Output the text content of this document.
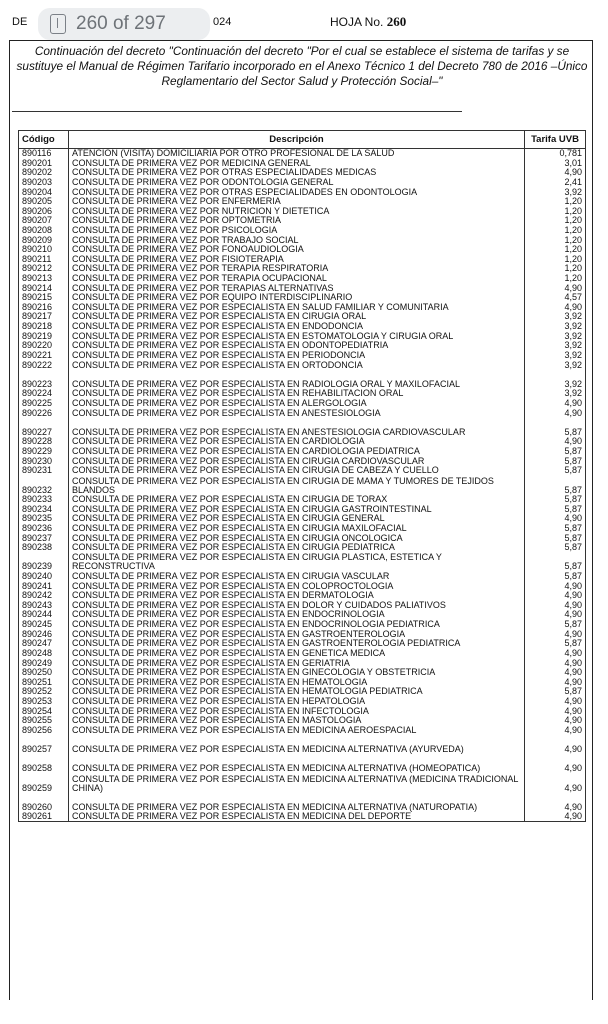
DE	260 of 297	024	HOJA No. 260
Continuación del decreto "Continuación del decreto "Por el cual se establece el sistema de tarifas y se sustituye el Manual de Régimen Tarifario incorporado en el Anexo Técnico 1 del Decreto 780 de 2016 –Único Reglamentario del Sector Salud y Protección Social–"
Código	Descripción	Tarifa UVB
890116	ATENCION (VISITA) DOMICILIARIA POR OTRO PROFESIONAL DE LA SALUD	0,781
890201	CONSULTA DE PRIMERA VEZ POR MEDICINA GENERAL	3,01
890202	CONSULTA DE PRIMERA VEZ POR OTRAS ESPECIALIDADES MEDICAS	4,90
890203	CONSULTA DE PRIMERA VEZ POR ODONTOLOGIA GENERAL	2,41
890204	CONSULTA DE PRIMERA VEZ POR OTRAS ESPECIALIDADES EN ODONTOLOGIA	3,92
890205	CONSULTA DE PRIMERA VEZ POR ENFERMERIA	1,20
890206	CONSULTA DE PRIMERA VEZ POR NUTRICION Y DIETETICA	1,20
890207	CONSULTA DE PRIMERA VEZ POR OPTOMETRIA	1,20
890208	CONSULTA DE PRIMERA VEZ POR PSICOLOGIA	1,20
890209	CONSULTA DE PRIMERA VEZ POR TRABAJO SOCIAL	1,20
890210	CONSULTA DE PRIMERA VEZ POR FONOAUDIOLOGIA	1,20
890211	CONSULTA DE PRIMERA VEZ POR FISIOTERAPIA	1,20
890212	CONSULTA DE PRIMERA VEZ POR TERAPIA RESPIRATORIA	1,20
890213	CONSULTA DE PRIMERA VEZ POR TERAPIA OCUPACIONAL	1,20
890214	CONSULTA DE PRIMERA VEZ POR TERAPIAS ALTERNATIVAS	4,90
890215	CONSULTA DE PRIMERA VEZ POR EQUIPO INTERDISCIPLINARIO	4,57
890216	CONSULTA DE PRIMERA VEZ POR ESPECIALISTA EN SALUD FAMILIAR Y COMUNITARIA	4,90
890217	CONSULTA DE PRIMERA VEZ POR ESPECIALISTA EN CIRUGIA ORAL	3,92
890218	CONSULTA DE PRIMERA VEZ POR ESPECIALISTA EN ENDODONCIA	3,92
890219	CONSULTA DE PRIMERA VEZ POR ESPECIALISTA EN ESTOMATOLOGIA Y CIRUGIA ORAL	3,92
890220	CONSULTA DE PRIMERA VEZ POR ESPECIALISTA EN ODONTOPEDIATRIA	3,92
890221	CONSULTA DE PRIMERA VEZ POR ESPECIALISTA EN PERIODONCIA	3,92
890222	CONSULTA DE PRIMERA VEZ POR ESPECIALISTA EN ORTODONCIA	3,92
890223	CONSULTA DE PRIMERA VEZ POR ESPECIALISTA EN RADIOLOGIA ORAL Y MAXILOFACIAL	3,92
890224	CONSULTA DE PRIMERA VEZ POR ESPECIALISTA EN REHABILITACION ORAL	3,92
890225	CONSULTA DE PRIMERA VEZ POR ESPECIALISTA EN ALERGOLOGIA	4,90
890226	CONSULTA DE PRIMERA VEZ POR ESPECIALISTA EN ANESTESIOLOGIA	4,90
890227	CONSULTA DE PRIMERA VEZ POR ESPECIALISTA EN ANESTESIOLOGIA CARDIOVASCULAR	5,87
890228	CONSULTA DE PRIMERA VEZ POR ESPECIALISTA EN CARDIOLOGIA	4,90
890229	CONSULTA DE PRIMERA VEZ POR ESPECIALISTA EN CARDIOLOGIA PEDIATRICA	5,87
890230	CONSULTA DE PRIMERA VEZ POR ESPECIALISTA EN CIRUGIA CARDIOVASCULAR	5,87
890231	CONSULTA DE PRIMERA VEZ POR ESPECIALISTA EN CIRUGIA DE CABEZA Y CUELLO	5,87
890232	CONSULTA DE PRIMERA VEZ POR ESPECIALISTA EN CIRUGIA DE MAMA Y TUMORES DE TEJIDOS BLANDOS	5,87
890233	CONSULTA DE PRIMERA VEZ POR ESPECIALISTA EN CIRUGIA DE TORAX	5,87
890234	CONSULTA DE PRIMERA VEZ POR ESPECIALISTA EN CIRUGIA GASTROINTESTINAL	5,87
890235	CONSULTA DE PRIMERA VEZ POR ESPECIALISTA EN CIRUGIA GENERAL	4,90
890236	CONSULTA DE PRIMERA VEZ POR ESPECIALISTA EN CIRUGIA MAXILOFACIAL	5,87
890237	CONSULTA DE PRIMERA VEZ POR ESPECIALISTA EN CIRUGIA ONCOLOGICA	5,87
890238	CONSULTA DE PRIMERA VEZ POR ESPECIALISTA EN CIRUGIA PEDIATRICA	5,87
890239	CONSULTA DE PRIMERA VEZ POR ESPECIALISTA EN CIRUGIA PLASTICA, ESTETICA Y RECONSTRUCTIVA	5,87
890240	CONSULTA DE PRIMERA VEZ POR ESPECIALISTA EN CIRUGIA VASCULAR	5,87
890241	CONSULTA DE PRIMERA VEZ POR ESPECIALISTA EN COLOPROCTOLOGIA	4,90
890242	CONSULTA DE PRIMERA VEZ POR ESPECIALISTA EN DERMATOLOGIA	4,90
890243	CONSULTA DE PRIMERA VEZ POR ESPECIALISTA EN DOLOR Y CUIDADOS PALIATIVOS	4,90
890244	CONSULTA DE PRIMERA VEZ POR ESPECIALISTA EN ENDOCRINOLOGIA	4,90
890245	CONSULTA DE PRIMERA VEZ POR ESPECIALISTA EN ENDOCRINOLOGIA PEDIATRICA	5,87
890246	CONSULTA DE PRIMERA VEZ POR ESPECIALISTA EN GASTROENTEROLOGIA	4,90
890247	CONSULTA DE PRIMERA VEZ POR ESPECIALISTA EN GASTROENTEROLOGIA PEDIATRICA	5,87
890248	CONSULTA DE PRIMERA VEZ POR ESPECIALISTA EN GENETICA MEDICA	4,90
890249	CONSULTA DE PRIMERA VEZ POR ESPECIALISTA EN GERIATRIA	4,90
890250	CONSULTA DE PRIMERA VEZ POR ESPECIALISTA EN GINECOLOGIA Y OBSTETRICIA	4,90
890251	CONSULTA DE PRIMERA VEZ POR ESPECIALISTA EN HEMATOLOGIA	4,90
890252	CONSULTA DE PRIMERA VEZ POR ESPECIALISTA EN HEMATOLOGIA PEDIATRICA	5,87
890253	CONSULTA DE PRIMERA VEZ POR ESPECIALISTA EN HEPATOLOGIA	4,90
890254	CONSULTA DE PRIMERA VEZ POR ESPECIALISTA EN INFECTOLOGIA	4,90
890255	CONSULTA DE PRIMERA VEZ POR ESPECIALISTA EN MASTOLOGIA	4,90
890256	CONSULTA DE PRIMERA VEZ POR ESPECIALISTA EN MEDICINA AEROESPACIAL	4,90
890257	CONSULTA DE PRIMERA VEZ POR ESPECIALISTA EN MEDICINA ALTERNATIVA (AYURVEDA)	4,90
890258	CONSULTA DE PRIMERA VEZ POR ESPECIALISTA EN MEDICINA ALTERNATIVA (HOMEOPATICA)	4,90
890259	CONSULTA DE PRIMERA VEZ POR ESPECIALISTA EN MEDICINA ALTERNATIVA (MEDICINA TRADICIONAL CHINA)	4,90
890260	CONSULTA DE PRIMERA VEZ POR ESPECIALISTA EN MEDICINA ALTERNATIVA (NATUROPATIA)	4,90
890261	CONSULTA DE PRIMERA VEZ POR ESPECIALISTA EN MEDICINA DEL DEPORTE	4,90
